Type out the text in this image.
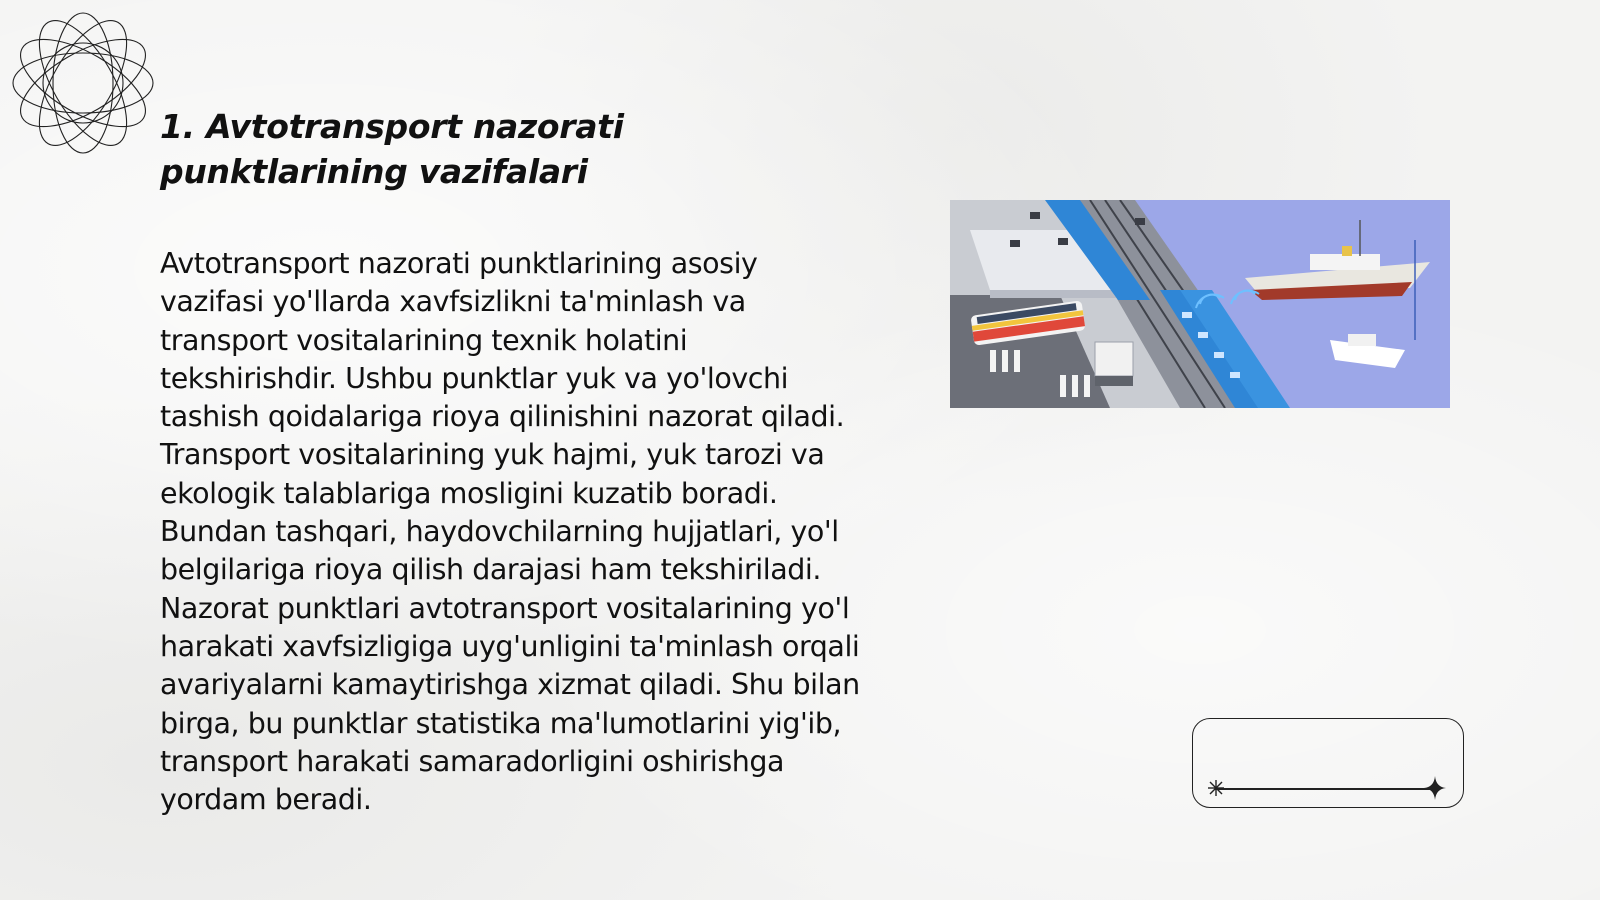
1. Avtotransport nazorati punktlarining vazifalari

Avtotransport nazorati punktlarining asosiy vazifasi yo'llarda xavfsizlikni ta'minlash va transport vositalarining texnik holatini tekshirishdir. Ushbu punktlar yuk va yo'lovchi tashish qoidalariga rioya qilinishini nazorat qiladi. Transport vositalarining yuk hajmi, yuk tarozi va ekologik talablariga mosligini kuzatib boradi. Bundan tashqari, haydovchilarning hujjatlari, yo'l belgilariga rioya qilish darajasi ham tekshiriladi. Nazorat punktlari avtotransport vositalarining yo'l harakati xavfsizligiga uyg'unligini ta'minlash orqali avariyalarni kamaytirishga xizmat qiladi. Shu bilan birga, bu punktlar statistika ma'lumotlarini yig'ib, transport harakati samaradorligini oshirishga yordam beradi.
